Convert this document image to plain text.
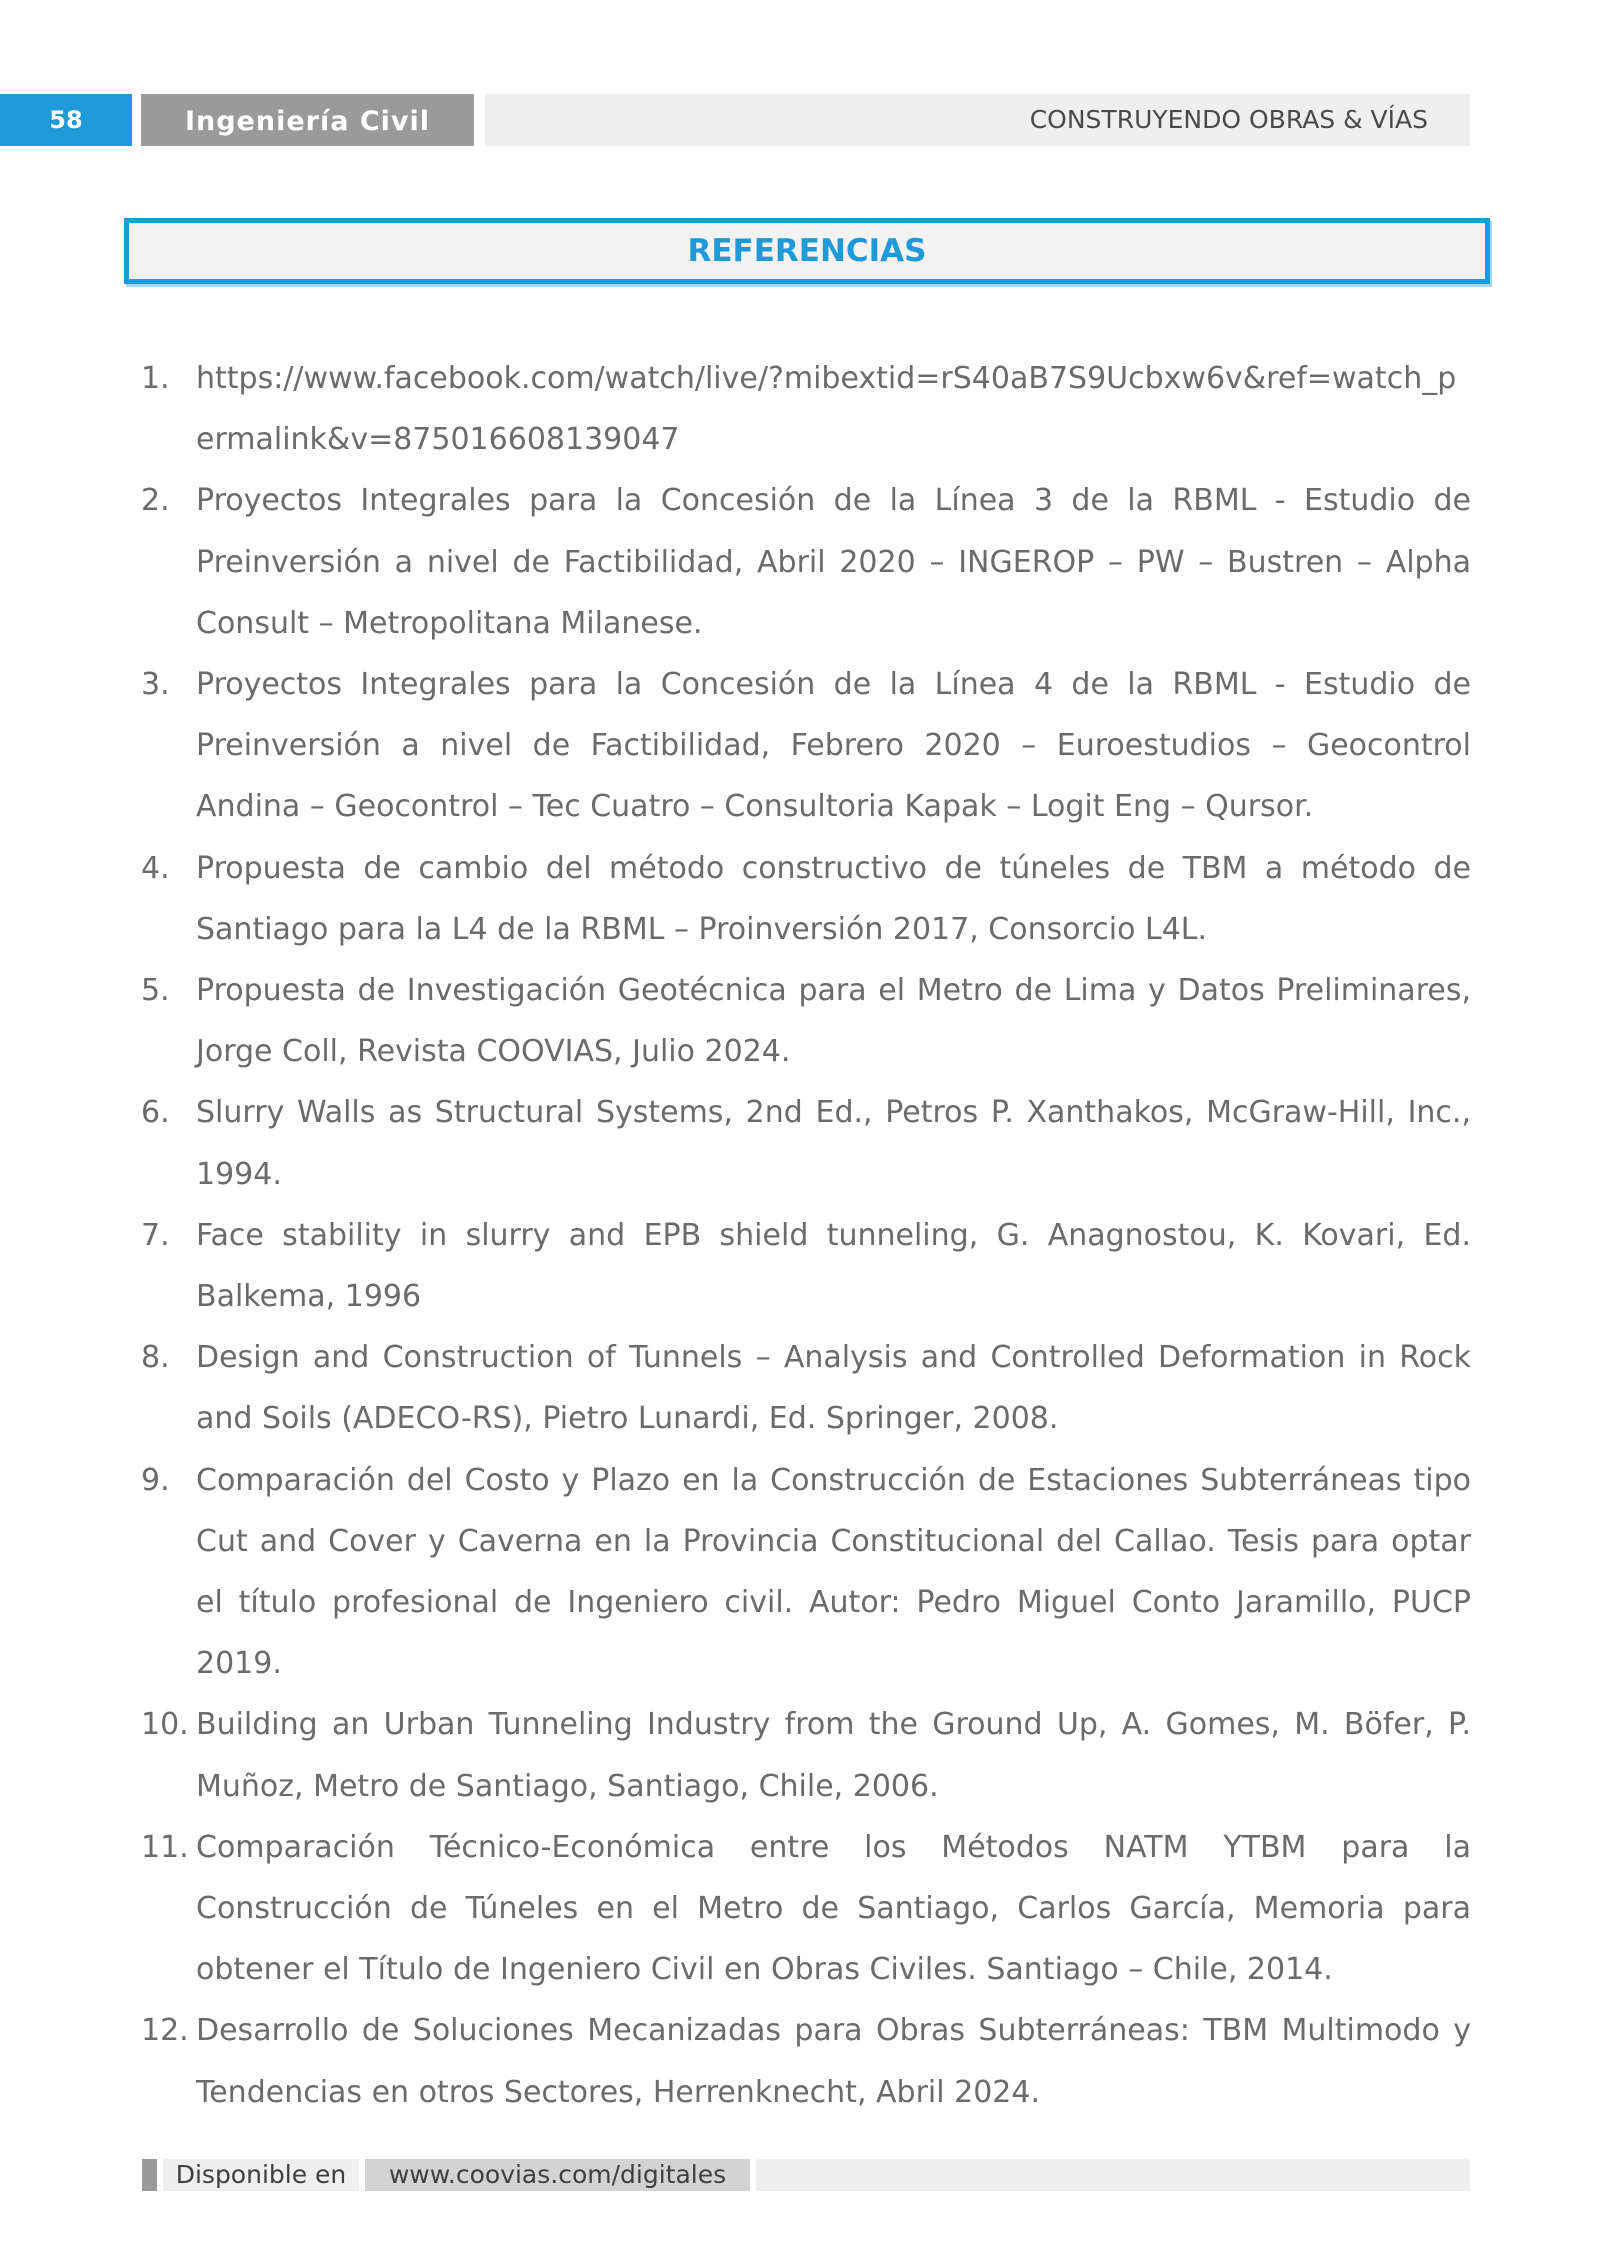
58	Ingeniería Civil	CONSTRUYENDO OBRAS & VÍAS
REFERENCIAS
1. https://www.facebook.com/watch/live/?mibextid=rS40aB7S9Ucbxw6v&ref=watch_permalink&v=875016608139047
2. Proyectos Integrales para la Concesión de la Línea 3 de la RBML - Estudio de Preinversión a nivel de Factibilidad, Abril 2020 – INGEROP – PW – Bustren – Alpha Consult – Metropolitana Milanese.
3. Proyectos Integrales para la Concesión de la Línea 4 de la RBML - Estudio de Preinversión a nivel de Factibilidad, Febrero 2020 – Euroestudios – Geocontrol Andina – Geocontrol – Tec Cuatro – Consultoria Kapak – Logit Eng – Qursor.
4. Propuesta de cambio del método constructivo de túneles de TBM a método de Santiago para la L4 de la RBML – Proinversión 2017, Consorcio L4L.
5. Propuesta de Investigación Geotécnica para el Metro de Lima y Datos Preliminares, Jorge Coll, Revista COOVIAS, Julio 2024.
6. Slurry Walls as Structural Systems, 2nd Ed., Petros P. Xanthakos, McGraw-Hill, Inc., 1994.
7. Face stability in slurry and EPB shield tunneling, G. Anagnostou, K. Kovari, Ed. Balkema, 1996
8. Design and Construction of Tunnels – Analysis and Controlled Deformation in Rock and Soils (ADECO-RS), Pietro Lunardi, Ed. Springer, 2008.
9. Comparación del Costo y Plazo en la Construcción de Estaciones Subterráneas tipo Cut and Cover y Caverna en la Provincia Constitucional del Callao. Tesis para optar el título profesional de Ingeniero civil. Autor: Pedro Miguel Conto Jaramillo, PUCP 2019.
10. Building an Urban Tunneling Industry from the Ground Up, A. Gomes, M. Böfer, P. Muñoz, Metro de Santiago, Santiago, Chile, 2006.
11. Comparación Técnico-Económica entre los Métodos NATM YTBM para la Construcción de Túneles en el Metro de Santiago, Carlos García, Memoria para obtener el Título de Ingeniero Civil en Obras Civiles. Santiago – Chile, 2014.
12. Desarrollo de Soluciones Mecanizadas para Obras Subterráneas: TBM Multimodo y Tendencias en otros Sectores, Herrenknecht, Abril 2024.
Disponible en	www.coovias.com/digitales
